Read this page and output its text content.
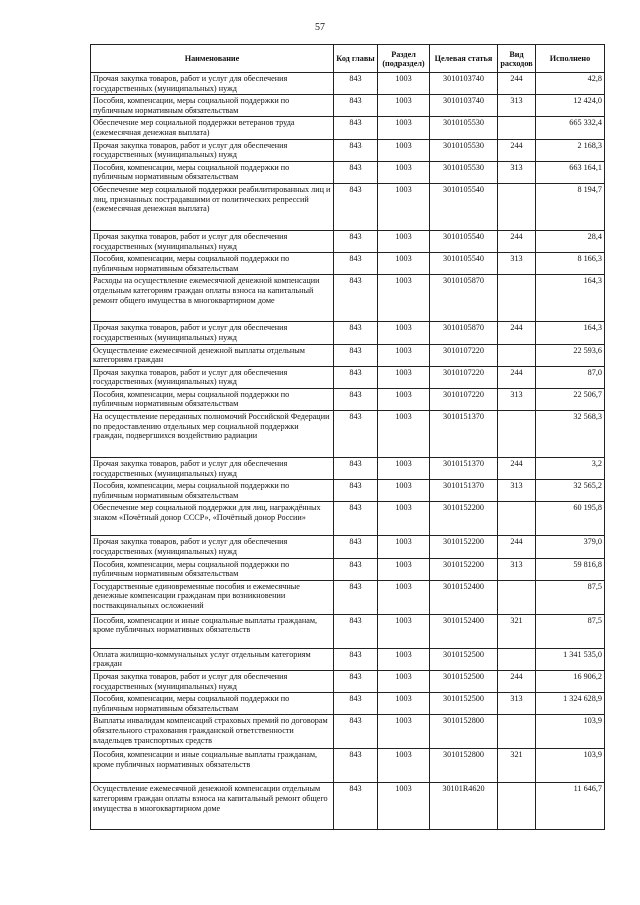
57
Наименование	Код главы	Раздел (подраздел)	Целевая статья	Вид расходов	Исполнено
Прочая закупка товаров, работ и услуг для обеспечения государственных (муниципальных) нужд	843	1003	3010103740	244	42,8
Пособия, компенсации, меры социальной поддержки по публичным нормативным обязательствам	843	1003	3010103740	313	12 424,0
Обеспечение мер социальной поддержки ветеранов труда (ежемесячная денежная выплата)	843	1003	3010105530		665 332,4
Прочая закупка товаров, работ и услуг для обеспечения государственных (муниципальных) нужд	843	1003	3010105530	244	2 168,3
Пособия, компенсации, меры социальной поддержки по публичным нормативным обязательствам	843	1003	3010105530	313	663 164,1
Обеспечение мер социальной поддержки реабилитированных лиц и лиц, признанных пострадавшими от политических репрессий (ежемесячная денежная выплата)	843	1003	3010105540		8 194,7
Прочая закупка товаров, работ и услуг для обеспечения государственных (муниципальных) нужд	843	1003	3010105540	244	28,4
Пособия, компенсации, меры социальной поддержки по публичным нормативным обязательствам	843	1003	3010105540	313	8 166,3
Расходы на осуществление ежемесячной денежной компенсации отдельным категориям граждан оплаты взноса на капитальный ремонт общего имущества в многоквартирном доме	843	1003	3010105870		164,3
Прочая закупка товаров, работ и услуг для обеспечения государственных (муниципальных) нужд	843	1003	3010105870	244	164,3
Осуществление ежемесячной денежной выплаты отдельным категориям граждан	843	1003	3010107220		22 593,6
Прочая закупка товаров, работ и услуг для обеспечения государственных (муниципальных) нужд	843	1003	3010107220	244	87,0
Пособия, компенсации, меры социальной поддержки по публичным нормативным обязательствам	843	1003	3010107220	313	22 506,7
На осуществление переданных полномочий Российской Федерации по предоставлению отдельных мер социальной поддержки граждан, подвергшихся воздействию радиации	843	1003	3010151370		32 568,3
Прочая закупка товаров, работ и услуг для обеспечения государственных (муниципальных) нужд	843	1003	3010151370	244	3,2
Пособия, компенсации, меры социальной поддержки по публичным нормативным обязательствам	843	1003	3010151370	313	32 565,2
Обеспечение мер социальной поддержки для лиц, награждённых знаком «Почётный донор СССР», «Почётный донор России»	843	1003	3010152200		60 195,8
Прочая закупка товаров, работ и услуг для обеспечения государственных (муниципальных) нужд	843	1003	3010152200	244	379,0
Пособия, компенсации, меры социальной поддержки по публичным нормативным обязательствам	843	1003	3010152200	313	59 816,8
Государственные единовременные пособия и ежемесячные денежные компенсации гражданам при возникновении поствакцинальных осложнений	843	1003	3010152400		87,5
Пособия, компенсации и иные социальные выплаты гражданам, кроме публичных нормативных обязательств	843	1003	3010152400	321	87,5
Оплата жилищно-коммунальных услуг отдельным категориям граждан	843	1003	3010152500		1 341 535,0
Прочая закупка товаров, работ и услуг для обеспечения государственных (муниципальных) нужд	843	1003	3010152500	244	16 906,2
Пособия, компенсации, меры социальной поддержки по публичным нормативным обязательствам	843	1003	3010152500	313	1 324 628,9
Выплаты инвалидам компенсаций страховых премий по договорам обязательного страхования гражданской ответственности владельцев транспортных средств	843	1003	3010152800		103,9
Пособия, компенсации и иные социальные выплаты гражданам, кроме публичных нормативных обязательств	843	1003	3010152800	321	103,9
Осуществление ежемесячной денежной компенсации отдельным категориям граждан оплаты взноса на капитальный ремонт общего имущества в многоквартирном доме	843	1003	30101R4620		11 646,7
